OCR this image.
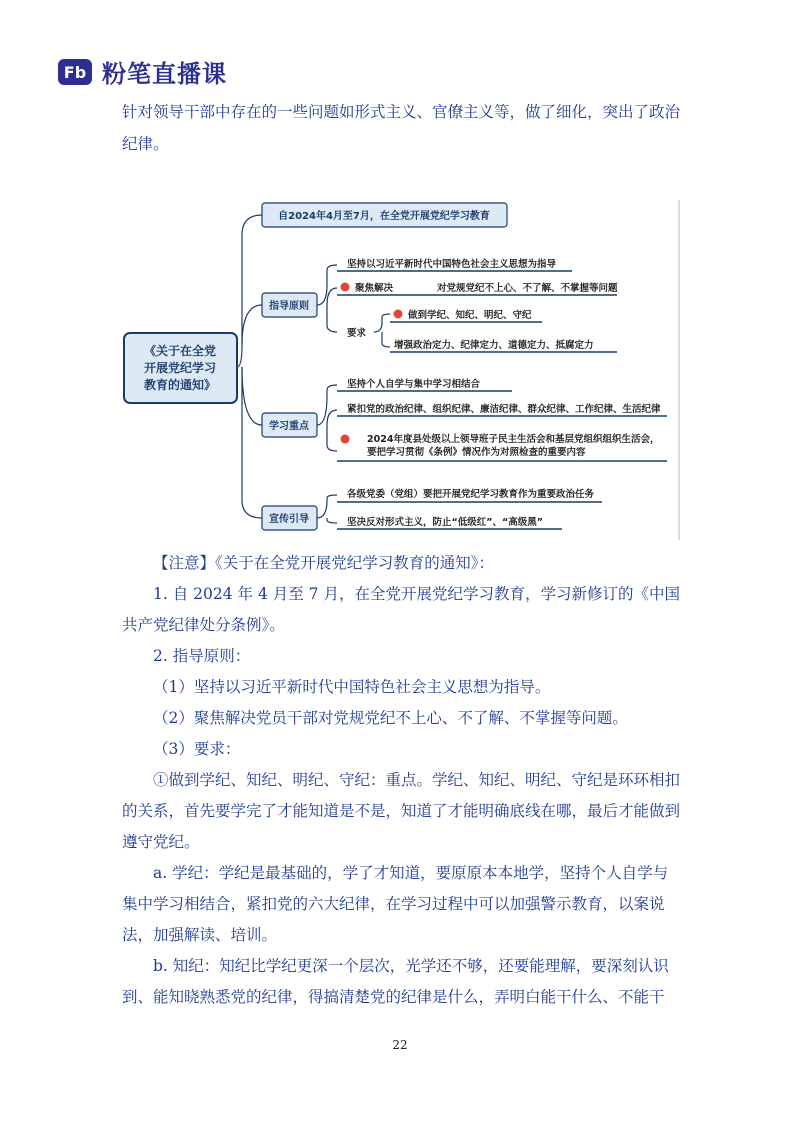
Fb 粉笔直播课
针对领导干部中存在的一些问题如形式主义、官僚主义等，做了细化，突出了政治纪律。
《关于在全党
开展党纪学习
教育的通知》
自2024年4月至7月，在全党开展党纪学习教育
指导原则
坚持以习近平新时代中国特色社会主义思想为指导
聚焦解决	对党规党纪不上心、不了解、不掌握等问题
要求
做到学纪、知纪、明纪、守纪
增强政治定力、纪律定力、道德定力、抵腐定力
学习重点
坚持个人自学与集中学习相结合
紧扣党的政治纪律、组织纪律、廉洁纪律、群众纪律、工作纪律、生活纪律
2024年度县处级以上领导班子民主生活会和基层党组织组织生活会，
要把学习贯彻《条例》情况作为对照检查的重要内容
宣传引导
各级党委（党组）要把开展党纪学习教育作为重要政治任务
坚决反对形式主义，防止“低级红”、“高级黑”

【注意】《关于在全党开展党纪学习教育的通知》：

1. 自 2024 年 4 月至 7 月，在全党开展党纪学习教育，学习新修订的《中国共产党纪律处分条例》。

2. 指导原则：

（1）坚持以习近平新时代中国特色社会主义思想为指导。

（2）聚焦解决党员干部对党规党纪不上心、不了解、不掌握等问题。

（3）要求：

①做到学纪、知纪、明纪、守纪：重点。学纪、知纪、明纪、守纪是环环相扣的关系，首先要学完了才能知道是不是，知道了才能明确底线在哪，最后才能做到遵守党纪。

a. 学纪：学纪是最基础的，学了才知道，要原原本本地学，坚持个人自学与集中学习相结合，紧扣党的六大纪律，在学习过程中可以加强警示教育，以案说法，加强解读、培训。

b. 知纪：知纪比学纪更深一个层次，光学还不够，还要能理解，要深刻认识到、能知晓熟悉党的纪律，得搞清楚党的纪律是什么，弄明白能干什么、不能干

22
